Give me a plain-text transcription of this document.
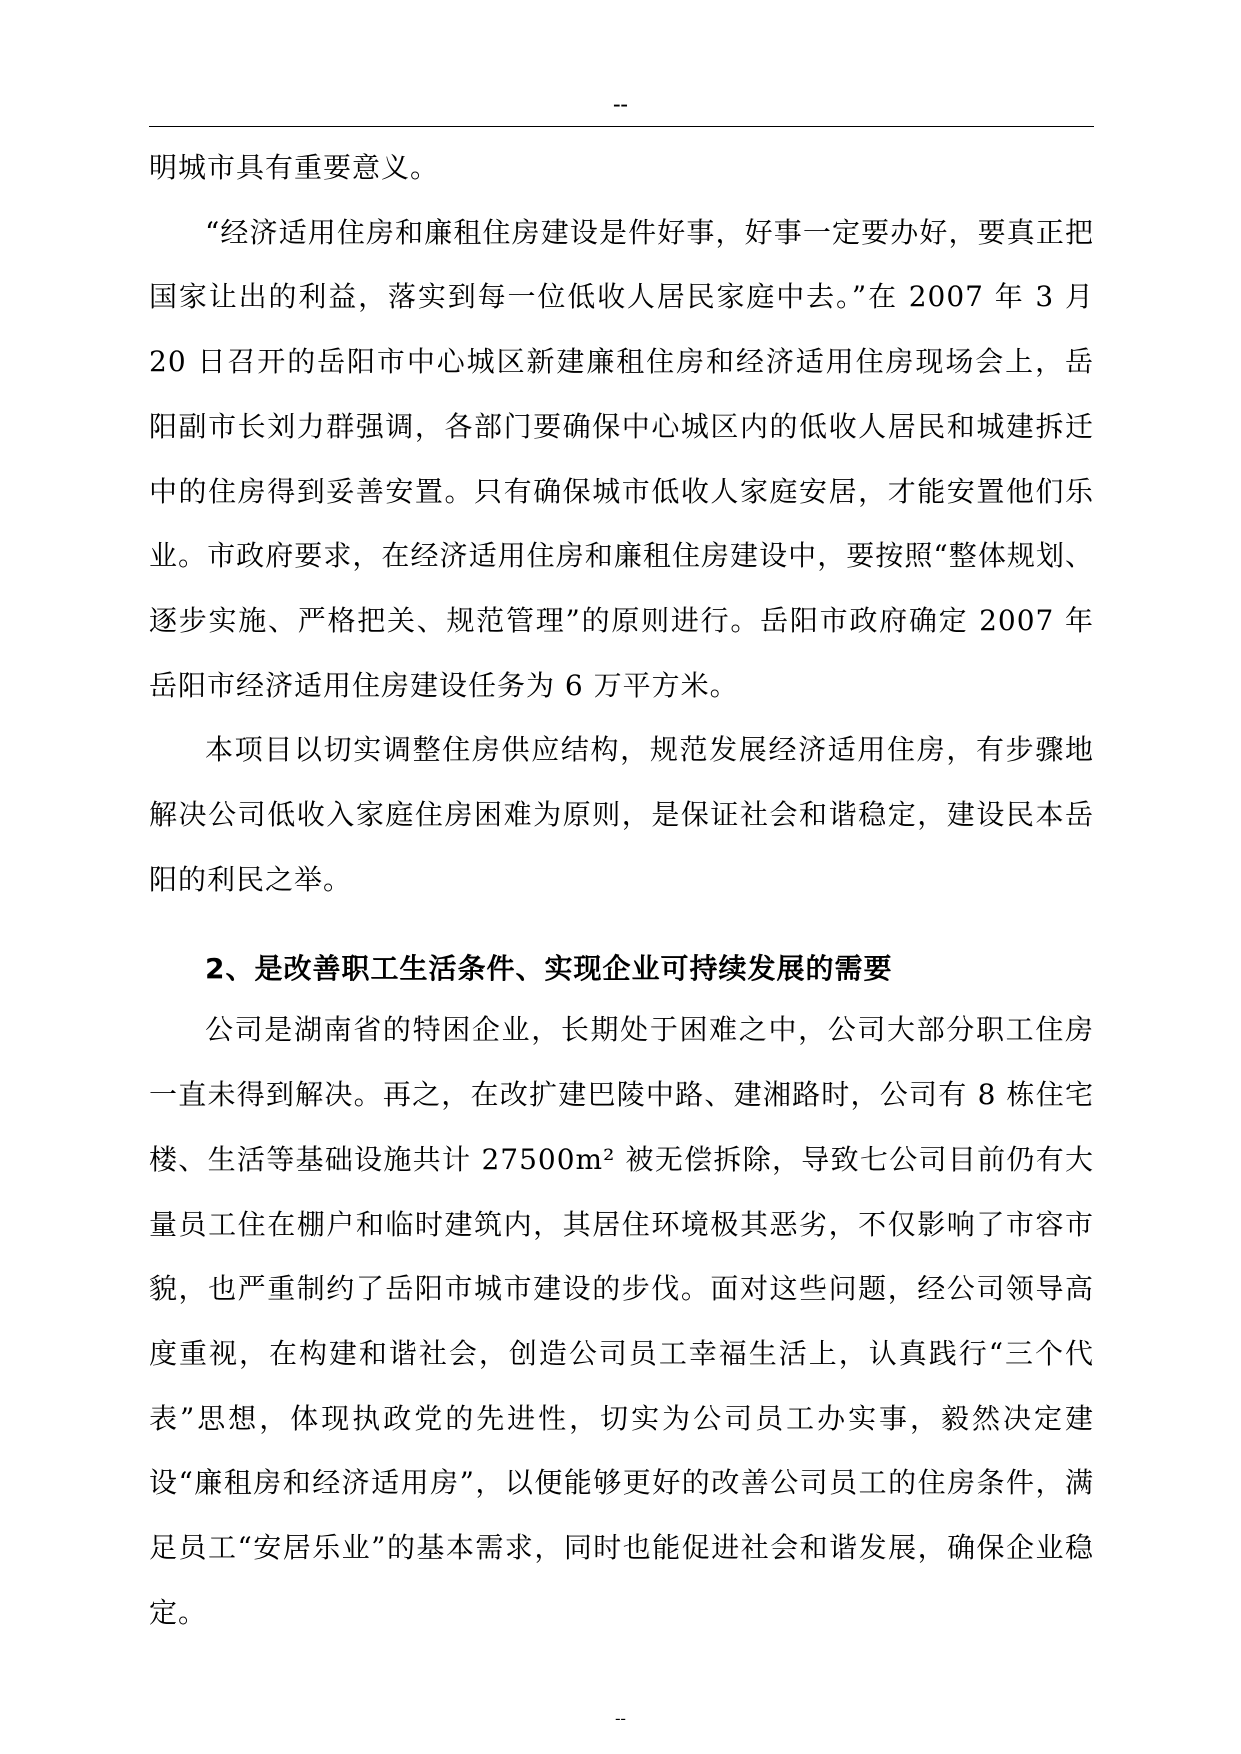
--

明城市具有重要意义。

“经济适用住房和廉租住房建设是件好事，好事一定要办好，要真正把国家让出的利益，落实到每一位低收人居民家庭中去。”在 2007 年 3 月 20 日召开的岳阳市中心城区新建廉租住房和经济适用住房现场会上，岳阳副市长刘力群强调，各部门要确保中心城区内的低收人居民和城建拆迁中的住房得到妥善安置。只有确保城市低收人家庭安居，才能安置他们乐业。市政府要求，在经济适用住房和廉租住房建设中，要按照“整体规划、逐步实施、严格把关、规范管理”的原则进行。岳阳市政府确定 2007 年岳阳市经济适用住房建设任务为 6 万平方米。

本项目以切实调整住房供应结构，规范发展经济适用住房，有步骤地解决公司低收入家庭住房困难为原则，是保证社会和谐稳定，建设民本岳阳的利民之举。

2、是改善职工生活条件、实现企业可持续发展的需要

公司是湖南省的特困企业，长期处于困难之中，公司大部分职工住房一直未得到解决。再之，在改扩建巴陵中路、建湘路时，公司有 8 栋住宅楼、生活等基础设施共计 27500m² 被无偿拆除，导致七公司目前仍有大量员工住在棚户和临时建筑内，其居住环境极其恶劣，不仅影响了市容市貌，也严重制约了岳阳市城市建设的步伐。面对这些问题，经公司领导高度重视，在构建和谐社会，创造公司员工幸福生活上，认真践行“三个代表”思想，体现执政党的先进性，切实为公司员工办实事，毅然决定建设“廉租房和经济适用房”，以便能够更好的改善公司员工的住房条件，满足员工“安居乐业”的基本需求，同时也能促进社会和谐发展，确保企业稳定。

--
